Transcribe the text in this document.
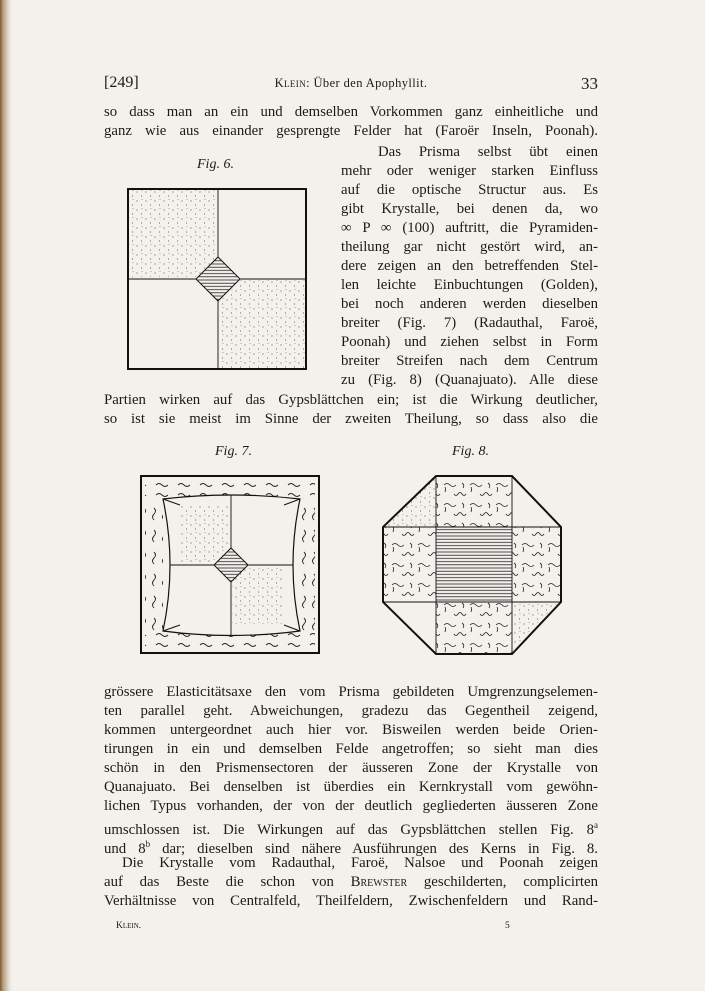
[249]	Klein: Über den Apophyllit.	33
so dass man an ein und demselben Vorkommen ganz einheitliche und
ganz wie aus einander gesprengte Felder hat (Faroër Inseln, Poonah).
Das Prisma selbst übt einen
mehr oder weniger starken Einfluss
auf die optische Structur aus. Es
gibt Krystalle, bei denen da, wo
∞ P ∞ (100) auftritt, die Pyramiden-
theilung gar nicht gestört wird, an-
dere zeigen an den betreffenden Stel-
len leichte Einbuchtungen (Golden),
bei noch anderen werden dieselben
breiter (Fig. 7) (Radauthal, Faroë,
Poonah) und ziehen selbst in Form
breiter Streifen nach dem Centrum
zu (Fig. 8) (Quanajuato). Alle diese
Partien wirken auf das Gypsblättchen ein; ist die Wirkung deutlicher,
so ist sie meist im Sinne der zweiten Theilung, so dass also die
Fig. 6.
Fig. 7.	Fig. 8.
grössere Elasticitätsaxe den vom Prisma gebildeten Umgrenzungselemen-
ten parallel geht. Abweichungen, gradezu das Gegentheil zeigend,
kommen untergeordnet auch hier vor. Bisweilen werden beide Orien-
tirungen in ein und demselben Felde angetroffen; so sieht man dies
schön in den Prismensectoren der äusseren Zone der Krystalle von
Quanajuato. Bei denselben ist überdies ein Kernkrystall vom gewöhn-
lichen Typus vorhanden, der von der deutlich gegliederten äusseren Zone
umschlossen ist. Die Wirkungen auf das Gypsblättchen stellen Fig. 8$^a$
und 8$^b$ dar; dieselben sind nähere Ausführungen des Kerns in Fig. 8.
Die Krystalle vom Radauthal, Faroë, Nalsoe und Poonah zeigen
auf das Beste die schon von Brewster geschilderten, complicirten
Verhältnisse von Centralfeld, Theilfeldern, Zwischenfeldern und Rand-
Klein.	5
